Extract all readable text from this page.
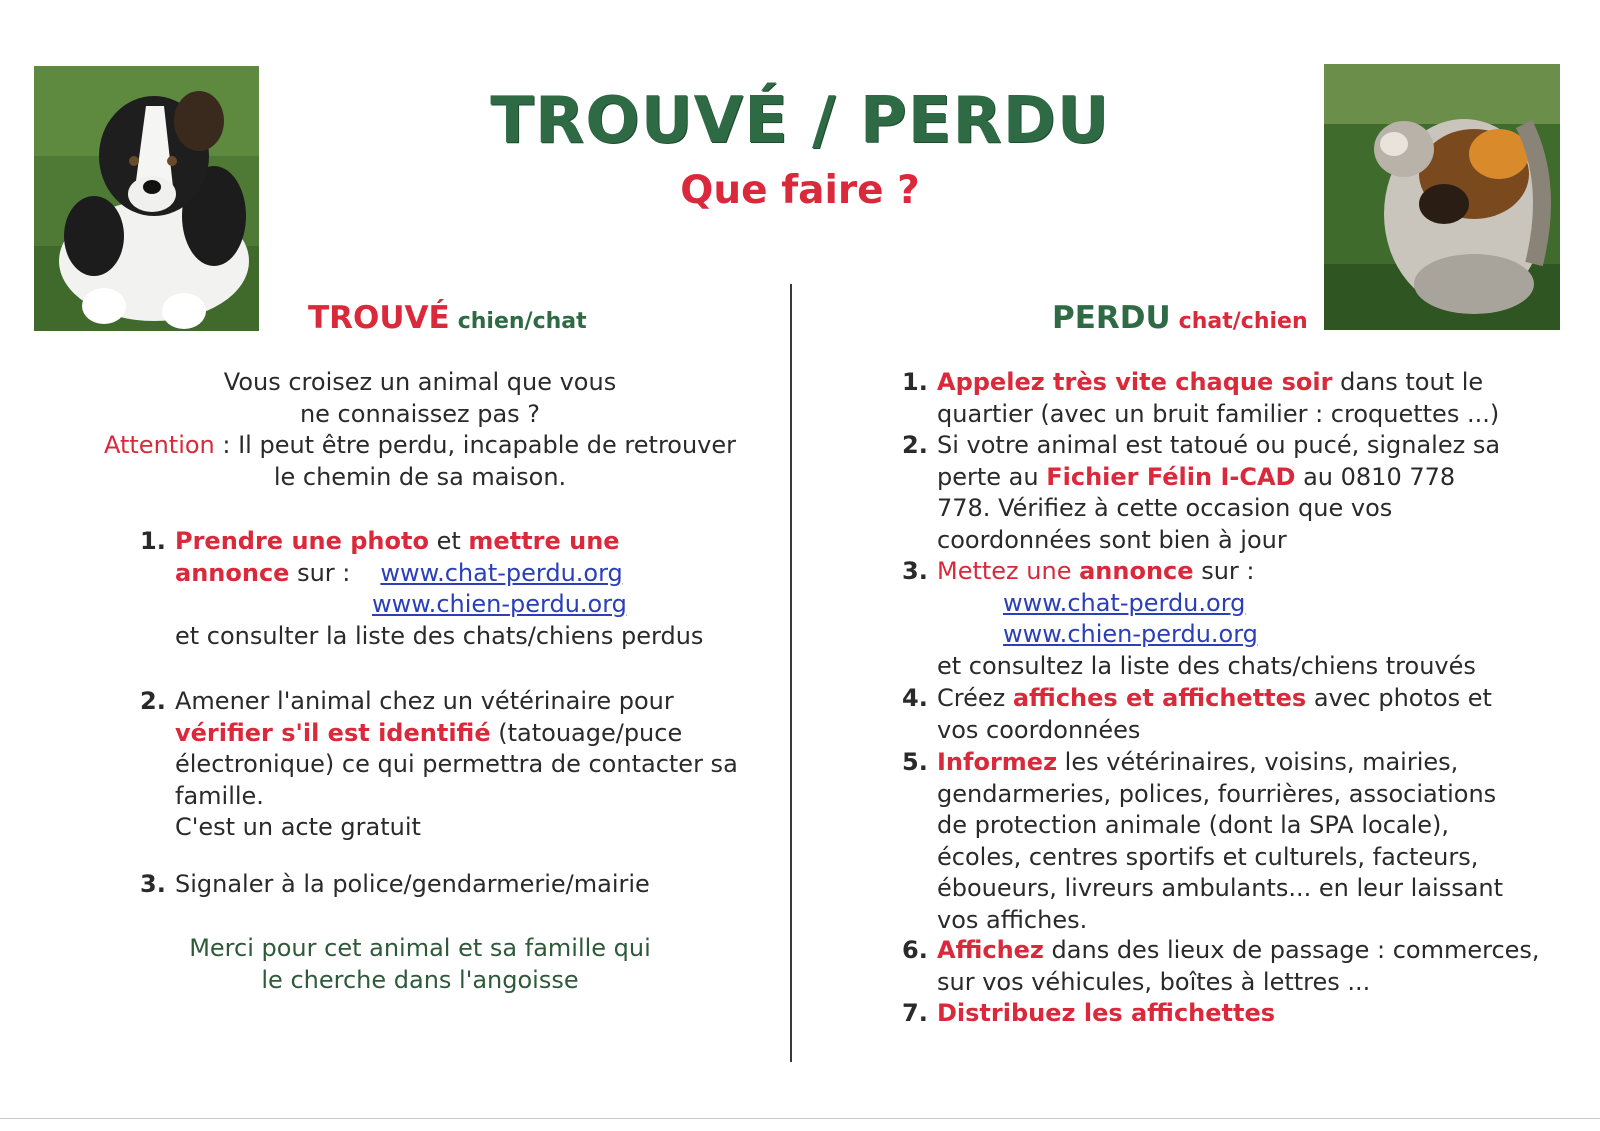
TROUVÉ / PERDU
Que faire ?
TROUVÉ chien/chat	PERDU chat/chien
Vous croisez un animal que vous
ne connaissez pas ?
Attention : Il peut être perdu, incapable de retrouver
le chemin de sa maison.
1. Prendre une photo et mettre une
annonce sur : www.chat-perdu.org
www.chien-perdu.org
et consulter la liste des chats/chiens perdus
2. Amener l'animal chez un vétérinaire pour
vérifier s'il est identifié (tatouage/puce
électronique) ce qui permettra de contacter sa
famille.
C'est un acte gratuit
3. Signaler à la police/gendarmerie/mairie
Merci pour cet animal et sa famille qui
le cherche dans l'angoisse
1. Appelez très vite chaque soir dans tout le
quartier (avec un bruit familier : croquettes ...)
2. Si votre animal est tatoué ou pucé, signalez sa
perte au Fichier Félin I-CAD au 0810 778
778. Vérifiez à cette occasion que vos
coordonnées sont bien à jour
3. Mettez une annonce sur :
www.chat-perdu.org
www.chien-perdu.org
et consultez la liste des chats/chiens trouvés
4. Créez affiches et affichettes avec photos et
vos coordonnées
5. Informez les vétérinaires, voisins, mairies,
gendarmeries, polices, fourrières, associations
de protection animale (dont la SPA locale),
écoles, centres sportifs et culturels, facteurs,
éboueurs, livreurs ambulants... en leur laissant
vos affiches.
6. Affichez dans des lieux de passage : commerces,
sur vos véhicules, boîtes à lettres ...
7. Distribuez les affichettes
